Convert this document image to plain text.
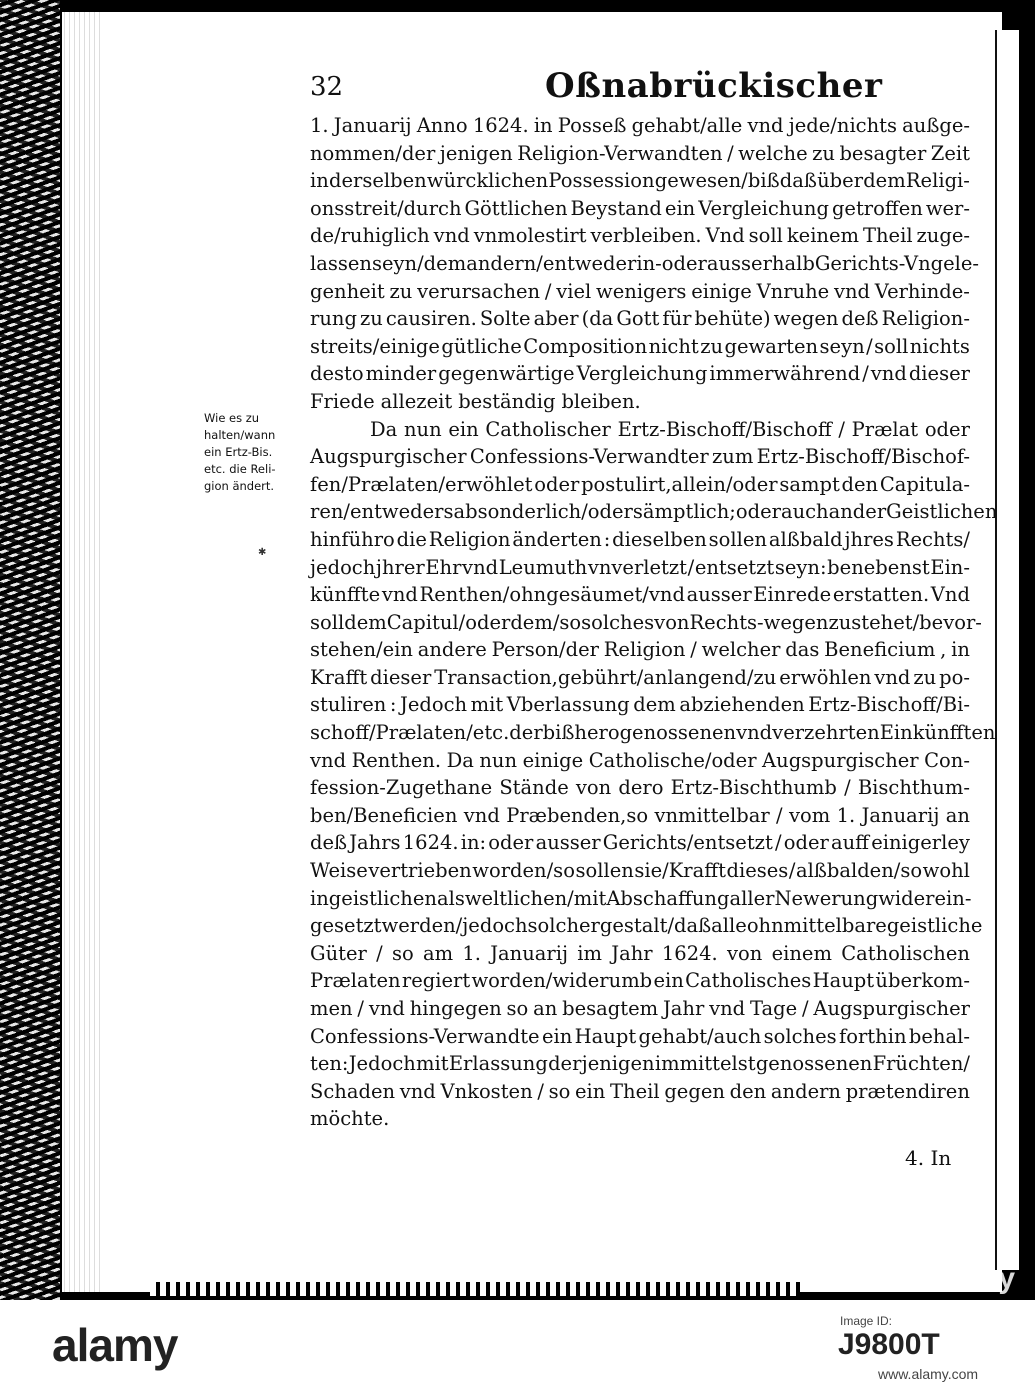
32	Oßnabrückischer
Wie es zu
halten/wann
ein Ertz-Bis.
etc. die Reli-
gion ändert.
✱
1. Januarij Anno 1624. in Posseß gehabt/alle vnd jede/nichts außge-
nommen/der jenigen Religion-Verwandten / welche zu besagter Zeit
in derselben würcklichen Possession gewesen/ biß daß über dem Religi-
onsstreit/durch Göttlichen Beystand ein Vergleichung getroffen wer-
de/ruhiglich vnd vnmolestirt verbleiben. Vnd soll keinem Theil zuge-
lassen seyn/dem andern/entweder in-oder ausserhalb Gerichts-Vngele-
genheit zu verursachen / viel wenigers einige Vnruhe vnd Verhinde-
rung zu causiren. Solte aber (da Gott für behüte) wegen deß Religion-
streits/einige gütliche Composition nicht zu gewarten seyn / soll nichts
desto minder gegenwärtige Vergleichung immerwährend / vnd dieser
Friede allezeit beständig bleiben.
Da nun ein Catholischer Ertz-Bischoff/Bischoff / Prælat oder
Augspurgischer Confessions-Verwandter zum Ertz-Bischoff/Bischof-
fen/Prælaten/erwöhlet oder postulirt,allein/oder sampt den Capitula-
ren/entweders absonderlich/oder sämptlich; oder auch ander Geistlichen
hinführo die Religion änderten : dieselben sollen alßbald jhres Rechts/
jedoch jhrer Ehr vnd Leumuth vnverletzt / entsetzt seyn: benebenst Ein-
künffte vnd Renthen/ohngesäumet/vnd ausser Einrede erstatten. Vnd
soll dem Capitul/oder dem/so solches von Rechts-wegen zustehet/bevor-
stehen/ein andere Person/der Religion / welcher das Beneficium , in
Krafft dieser Transaction,gebührt/anlangend/zu erwöhlen vnd zu po-
stuliren : Jedoch mit Vberlassung dem abziehenden Ertz-Bischoff/Bi-
schoff/Prælaten/etc. der bißhero genossenen vnd verzehrten Einkünfften
vnd Renthen. Da nun einige Catholische/oder Augspurgischer Con-
fession-Zugethane Stände von dero Ertz-Bischthumb / Bischthum-
ben/Beneficien vnd Præbenden,so vnmittelbar / vom 1. Januarij an
deß Jahrs 1624. in: oder ausser Gerichts/entsetzt / oder auff einigerley
Weise vertrieben worden/so sollen sie/Krafft dieses / alßbalden/so wohl
in geistlichen als weltlichen/mit Abschaffung aller Newerung wider ein-
gesetzt werden / jedoch solcher gestalt / daß alle ohnmittelbare geistliche
Güter / so am 1. Januarij im Jahr 1624. von einem Catholischen
Prælaten regiert worden/widerumb ein Catholisches Haupt überkom-
men / vnd hingegen so an besagtem Jahr vnd Tage / Augspurgischer
Confessions-Verwandte ein Haupt gehabt/auch solches forthin behal-
ten: Jedoch mit Erlassung der jenigen immittelst genossenen Früchten/
Schaden vnd Vnkosten / so ein Theil gegen den andern prætendiren
möchte.
4. In
alamy
alamy	Image ID:
J9800T
www.alamy.com
